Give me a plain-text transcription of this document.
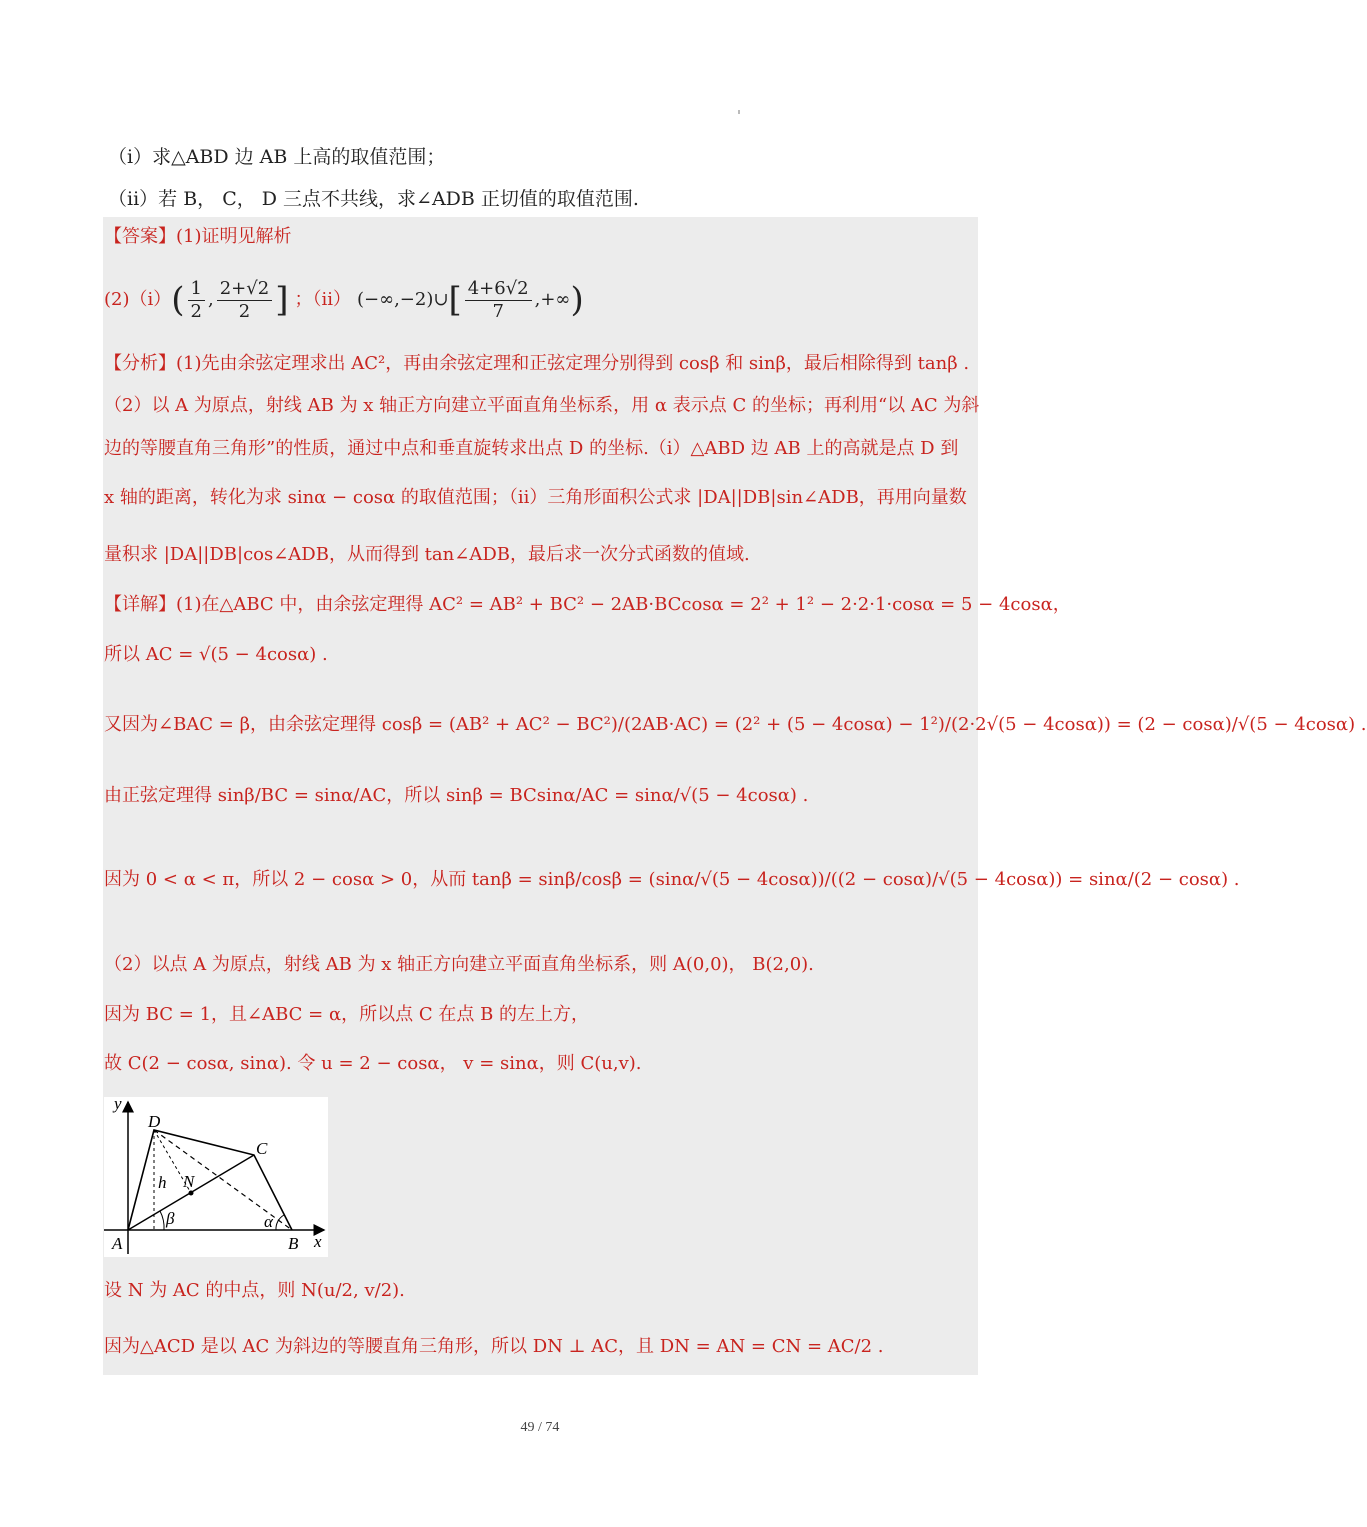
（i）求△ABD 边 AB 上高的取值范围；
（ii）若 B， C， D 三点不共线，求∠ADB 正切值的取值范围.
【答案】(1)证明见解析
(2)（i） ( $\frac{1}{2}$ , $\frac{2+√2}{2}$ ] ；（ii） (−∞,−2)∪ [ $\frac{4+6√2}{7}$ ,+∞ )
【分析】(1)先由余弦定理求出 AC²，再由余弦定理和正弦定理分别得到 cosβ 和 sinβ，最后相除得到 tanβ .
（2）以 A 为原点，射线 AB 为 x 轴正方向建立平面直角坐标系，用 α 表示点 C 的坐标；再利用“以 AC 为斜
边的等腰直角三角形”的性质，通过中点和垂直旋转求出点 D 的坐标.（i）△ABD 边 AB 上的高就是点 D 到
x 轴的距离，转化为求 sinα − cosα 的取值范围；（ii）三角形面积公式求 |DA||DB|sin∠ADB，再用向量数
量积求 |DA||DB|cos∠ADB，从而得到 tan∠ADB，最后求一次分式函数的值域.
【详解】(1)在△ABC 中，由余弦定理得 AC² = AB² + BC² − 2AB·BCcosα = 2² + 1² − 2·2·1·cosα = 5 − 4cosα，
所以 AC = √(5 − 4cosα) .
又因为∠BAC = β，由余弦定理得 cosβ = (AB² + AC² − BC²)/(2AB·AC) = (2² + (5 − 4cosα) − 1²)/(2·2√(5 − 4cosα)) = (2 − cosα)/√(5 − 4cosα) .
由正弦定理得 sinβ/BC = sinα/AC，所以 sinβ = BCsinα/AC = sinα/√(5 − 4cosα) .
因为 0 < α < π，所以 2 − cosα > 0，从而 tanβ = sinβ/cosβ = (sinα/√(5 − 4cosα))/((2 − cosα)/√(5 − 4cosα)) = sinα/(2 − cosα) .
（2）以点 A 为原点，射线 AB 为 x 轴正方向建立平面直角坐标系，则 A(0,0)， B(2,0).
因为 BC = 1，且∠ABC = α，所以点 C 在点 B 的左上方，
故 C(2 − cosα, sinα). 令 u = 2 − cosα， v = sinα，则 C(u,v).
y
x
A	B
C
D
N
h
β	α
设 N 为 AC 的中点，则 N(u/2, v/2).
因为△ACD 是以 AC 为斜边的等腰直角三角形，所以 DN ⊥ AC，且 DN = AN = CN = AC/2 .
49 / 74
